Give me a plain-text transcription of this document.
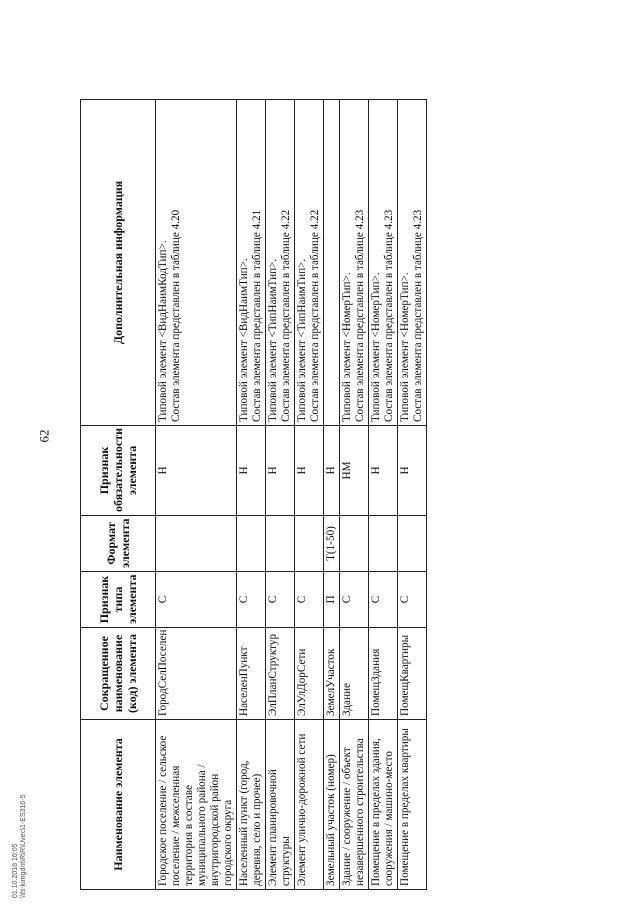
62
Наименование элемента	Сокращенное наименование (код) элемента	Признак типа элемента	Формат элемента	Признак обязательности элемента	Дополнительная информация
Городское поселение / сельское поселение / межселенная территория в составе муниципального района / внутригородской район городского округа	ГородСелПоселен	С		Н	Типовой элемент <ВидНаимКодТип>.
Состав элемента представлен в таблице 4.20
Населенный пункт (город, деревня, село и прочее)	НаселенПункт	С		Н	Типовой элемент <ВидНаимТип>.
Состав элемента представлен в таблице 4.21
Элемент планировочной структуры	ЭлПланСтруктур	С		Н	Типовой элемент <ТипНаимТип>.
Состав элемента представлен в таблице 4.22
Элемент улично-дорожной сети	ЭлУлДорСети	С		Н	Типовой элемент <ТипНаимТип>.
Состав элемента представлен в таблице 4.22
Земельный участок (номер)	ЗемелУчасток	П	Т(1-50)	Н	
Здание / сооружение / объект незавершенного строительства	Здание	С		НМ	Типовой элемент <НомерТип>.
Состав элемента представлен в таблице 4.23
Помещение в пределах здания, сооружения / машино-место	ПомещЗдания	С		Н	Типовой элемент <НомерТип>.
Состав элемента представлен в таблице 4.23
Помещение в пределах квартиры	ПомещКвартиры	С		Н	Типовой элемент <НомерТип>.
Состав элемента представлен в таблице 4.23
01.10.2018 16:05 \\fs-kimgdnt\R\R\Uvec\1-ES316-5
